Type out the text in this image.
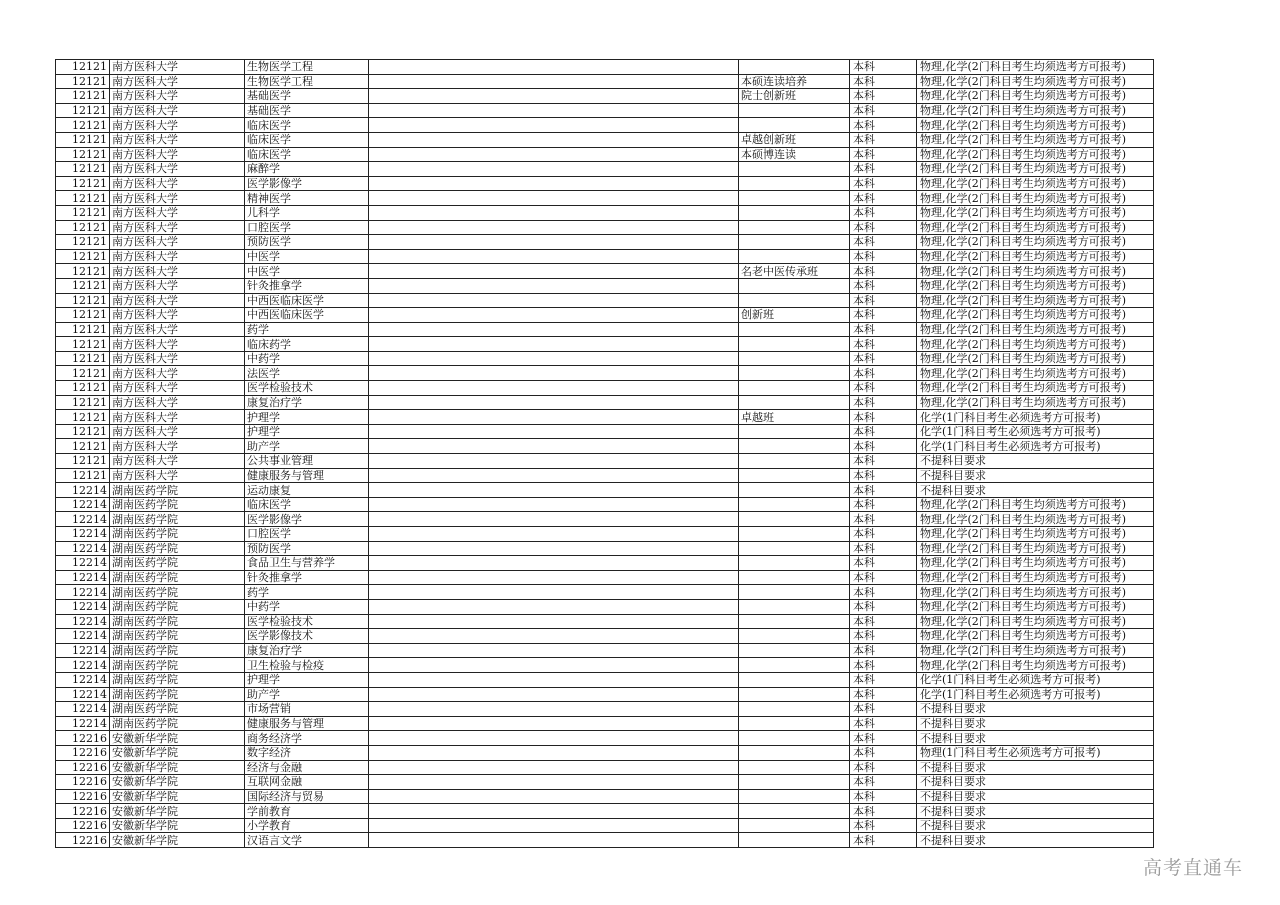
12121	南方医科大学	生物医学工程			本科	物理,化学(2门科目考生均须选考方可报考)
12121	南方医科大学	生物医学工程		本硕连读培养	本科	物理,化学(2门科目考生均须选考方可报考)
12121	南方医科大学	基础医学		院士创新班	本科	物理,化学(2门科目考生均须选考方可报考)
12121	南方医科大学	基础医学			本科	物理,化学(2门科目考生均须选考方可报考)
12121	南方医科大学	临床医学			本科	物理,化学(2门科目考生均须选考方可报考)
12121	南方医科大学	临床医学		卓越创新班	本科	物理,化学(2门科目考生均须选考方可报考)
12121	南方医科大学	临床医学		本硕博连读	本科	物理,化学(2门科目考生均须选考方可报考)
12121	南方医科大学	麻醉学			本科	物理,化学(2门科目考生均须选考方可报考)
12121	南方医科大学	医学影像学			本科	物理,化学(2门科目考生均须选考方可报考)
12121	南方医科大学	精神医学			本科	物理,化学(2门科目考生均须选考方可报考)
12121	南方医科大学	儿科学			本科	物理,化学(2门科目考生均须选考方可报考)
12121	南方医科大学	口腔医学			本科	物理,化学(2门科目考生均须选考方可报考)
12121	南方医科大学	预防医学			本科	物理,化学(2门科目考生均须选考方可报考)
12121	南方医科大学	中医学			本科	物理,化学(2门科目考生均须选考方可报考)
12121	南方医科大学	中医学		名老中医传承班	本科	物理,化学(2门科目考生均须选考方可报考)
12121	南方医科大学	针灸推拿学			本科	物理,化学(2门科目考生均须选考方可报考)
12121	南方医科大学	中西医临床医学			本科	物理,化学(2门科目考生均须选考方可报考)
12121	南方医科大学	中西医临床医学		创新班	本科	物理,化学(2门科目考生均须选考方可报考)
12121	南方医科大学	药学			本科	物理,化学(2门科目考生均须选考方可报考)
12121	南方医科大学	临床药学			本科	物理,化学(2门科目考生均须选考方可报考)
12121	南方医科大学	中药学			本科	物理,化学(2门科目考生均须选考方可报考)
12121	南方医科大学	法医学			本科	物理,化学(2门科目考生均须选考方可报考)
12121	南方医科大学	医学检验技术			本科	物理,化学(2门科目考生均须选考方可报考)
12121	南方医科大学	康复治疗学			本科	物理,化学(2门科目考生均须选考方可报考)
12121	南方医科大学	护理学		卓越班	本科	化学(1门科目考生必须选考方可报考)
12121	南方医科大学	护理学			本科	化学(1门科目考生必须选考方可报考)
12121	南方医科大学	助产学			本科	化学(1门科目考生必须选考方可报考)
12121	南方医科大学	公共事业管理			本科	不提科目要求
12121	南方医科大学	健康服务与管理			本科	不提科目要求
12214	湖南医药学院	运动康复			本科	不提科目要求
12214	湖南医药学院	临床医学			本科	物理,化学(2门科目考生均须选考方可报考)
12214	湖南医药学院	医学影像学			本科	物理,化学(2门科目考生均须选考方可报考)
12214	湖南医药学院	口腔医学			本科	物理,化学(2门科目考生均须选考方可报考)
12214	湖南医药学院	预防医学			本科	物理,化学(2门科目考生均须选考方可报考)
12214	湖南医药学院	食品卫生与营养学			本科	物理,化学(2门科目考生均须选考方可报考)
12214	湖南医药学院	针灸推拿学			本科	物理,化学(2门科目考生均须选考方可报考)
12214	湖南医药学院	药学			本科	物理,化学(2门科目考生均须选考方可报考)
12214	湖南医药学院	中药学			本科	物理,化学(2门科目考生均须选考方可报考)
12214	湖南医药学院	医学检验技术			本科	物理,化学(2门科目考生均须选考方可报考)
12214	湖南医药学院	医学影像技术			本科	物理,化学(2门科目考生均须选考方可报考)
12214	湖南医药学院	康复治疗学			本科	物理,化学(2门科目考生均须选考方可报考)
12214	湖南医药学院	卫生检验与检疫			本科	物理,化学(2门科目考生均须选考方可报考)
12214	湖南医药学院	护理学			本科	化学(1门科目考生必须选考方可报考)
12214	湖南医药学院	助产学			本科	化学(1门科目考生必须选考方可报考)
12214	湖南医药学院	市场营销			本科	不提科目要求
12214	湖南医药学院	健康服务与管理			本科	不提科目要求
12216	安徽新华学院	商务经济学			本科	不提科目要求
12216	安徽新华学院	数字经济			本科	物理(1门科目考生必须选考方可报考)
12216	安徽新华学院	经济与金融			本科	不提科目要求
12216	安徽新华学院	互联网金融			本科	不提科目要求
12216	安徽新华学院	国际经济与贸易			本科	不提科目要求
12216	安徽新华学院	学前教育			本科	不提科目要求
12216	安徽新华学院	小学教育			本科	不提科目要求
12216	安徽新华学院	汉语言文学			本科	不提科目要求
高考直通车
